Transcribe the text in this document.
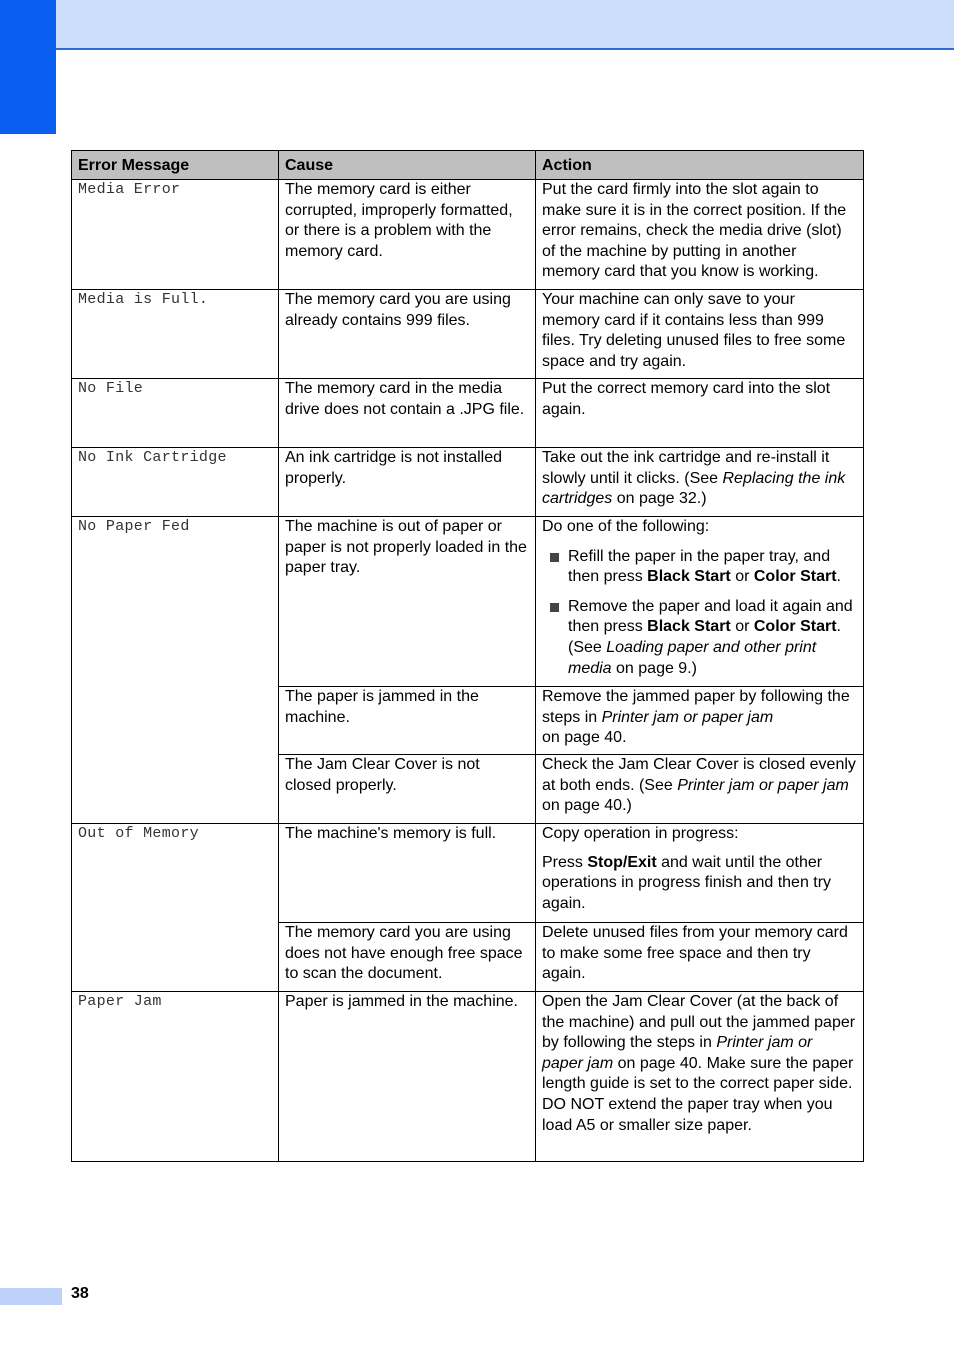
Error Message	Cause	Action
Media Error	The memory card is either corrupted, improperly formatted, or there is a problem with the memory card.	Put the card firmly into the slot again to make sure it is in the correct position. If the error remains, check the media drive (slot) of the machine by putting in another memory card that you know is working.
Media is Full.	The memory card you are using already contains 999 files.	Your machine can only save to your memory card if it contains less than 999 files. Try deleting unused files to free some space and try again.
No File	The memory card in the media drive does not contain a .JPG file.	Put the correct memory card into the slot again.
No Ink Cartridge	An ink cartridge is not installed properly.	Take out the ink cartridge and re-install it slowly until it clicks. (See Replacing the ink cartridges on page 32.)
No Paper Fed	The machine is out of paper or paper is not properly loaded in the paper tray.	Do one of the following:
Refill the paper in the paper tray, and then press Black Start or Color Start.
Remove the paper and load it again and then press Black Start or Color Start. (See Loading paper and other print media on page 9.)

	The paper is jammed in the machine.	Remove the jammed paper by following the steps in Printer jam or paper jam
on page 40.
	The Jam Clear Cover is not closed properly.	Check the Jam Clear Cover is closed evenly at both ends. (See Printer jam or paper jam on page 40.)
Out of Memory	The machine's memory is full.	Copy operation in progress:
Press Stop/Exit and wait until the other operations in progress finish and then try again.

	The memory card you are using does not have enough free space to scan the document.	Delete unused files from your memory card to make some free space and then try again.
Paper Jam	Paper is jammed in the machine.	Open the Jam Clear Cover (at the back of the machine) and pull out the jammed paper by following the steps in Printer jam or paper jam on page 40. Make sure the paper length guide is set to the correct paper side.
DO NOT extend the paper tray when you load A5 or smaller size paper.
38
